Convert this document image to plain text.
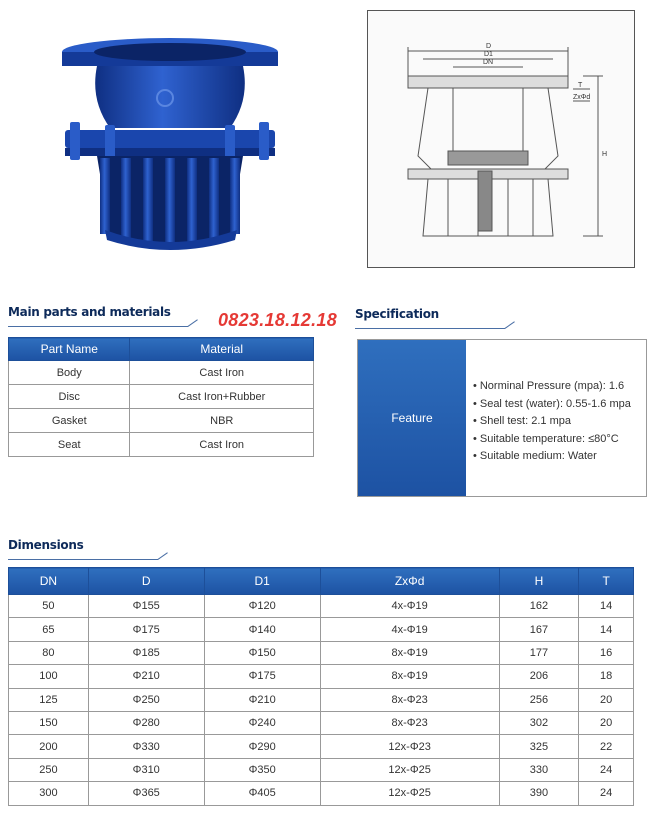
D
D1
DN
T
ZxΦd
H
Main parts and materials	0823.18.12.18 Specification
Part Name	Material
Body	Cast Iron
Disc	Cast Iron+Rubber
Gasket	NBR
Seat	Cast Iron
Feature
• Norminal Pressure (mpa): 1.6
• Seal test (water): 0.55-1.6 mpa
• Shell test: 2.1 mpa
• Suitable temperature: ≤80°C
• Suitable medium: Water
Dimensions
DN	D	D1	ZxΦd	H	T
50	Φ155	Φ120	4x-Φ19	162	14
65	Φ175	Φ140	4x-Φ19	167	14
80	Φ185	Φ150	8x-Φ19	177	16
100	Φ210	Φ175	8x-Φ19	206	18
125	Φ250	Φ210	8x-Φ23	256	20
150	Φ280	Φ240	8x-Φ23	302	20
200	Φ330	Φ290	12x-Φ23	325	22
250	Φ310	Φ350	12x-Φ25	330	24
300	Φ365	Φ405	12x-Φ25	390	24
